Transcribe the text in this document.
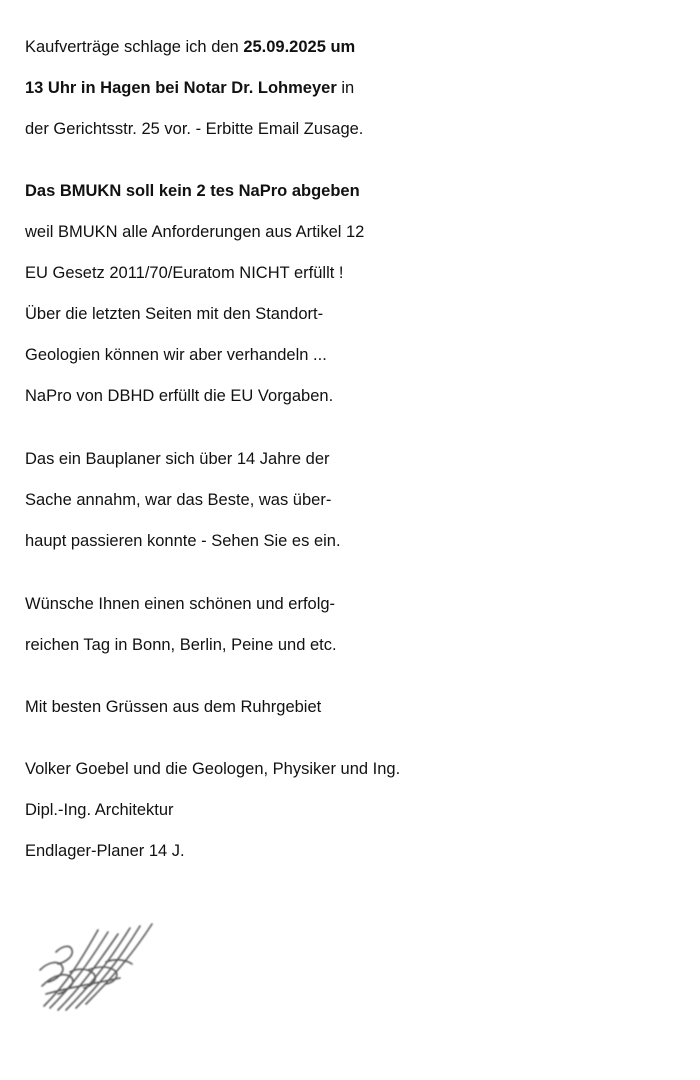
Kaufverträge schlage ich den 25.09.2025 um
13 Uhr in Hagen bei Notar Dr. Lohmeyer in
der Gerichtsstr. 25 vor. - Erbitte Email Zusage.
Das BMUKN soll kein 2 tes NaPro abgeben
weil BMUKN alle Anforderungen aus Artikel 12
EU Gesetz 2011/70/Euratom NICHT erfüllt !
Über die letzten Seiten mit den Standort-
Geologien können wir aber verhandeln ...
NaPro von DBHD erfüllt die EU Vorgaben.
Das ein Bauplaner sich über 14 Jahre der
Sache annahm, war das Beste, was über-
haupt passieren konnte - Sehen Sie es ein.
Wünsche Ihnen einen schönen und erfolg-
reichen Tag in Bonn, Berlin, Peine und etc.
Mit besten Grüssen aus dem Ruhrgebiet
Volker Goebel und die Geologen, Physiker und Ing.
Dipl.-Ing. Architektur
Endlager-Planer 14 J.
